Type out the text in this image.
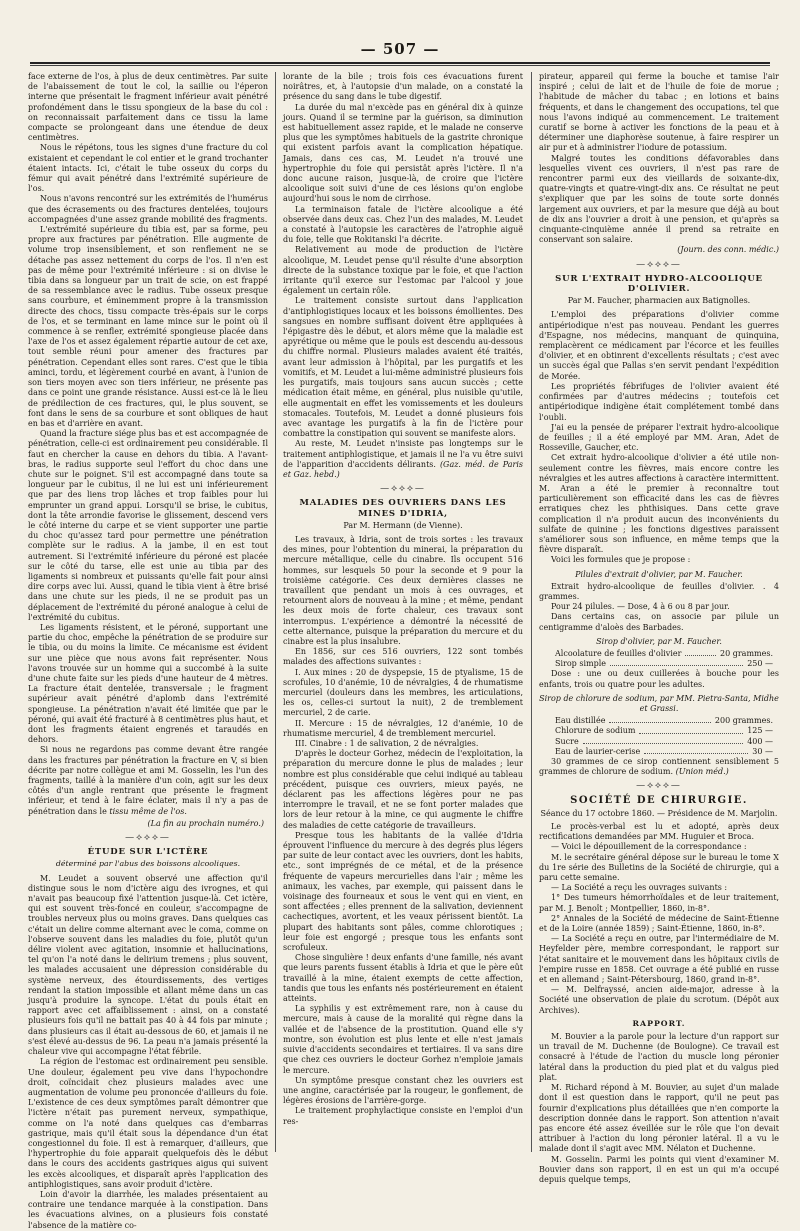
— 507 —

face externe de l'os, à plus de deux centimètres. Par suite de l'abaissement de tout le col, la saillie ou l'éperon interne que présentait le fragment inférieur avait pénétré profondément dans le tissu spongieux de la base du col : on reconnaissait parfaitement dans ce tissu la lame compacte se prolongeant dans une étendue de deux centimètres.

Nous le répétons, tous les signes d'une fracture du col existaient et cependant le col entier et le grand trochanter étaient intacts. Ici, c'était le tube osseux du corps du fémur qui avait pénétré dans l'extrémité supérieure de l'os.

Nous n'avons rencontré sur les extrémités de l'humérus que des écrasements ou des fractures dentelées, toujours accompagnées d'une assez grande mobilité des fragments.

L'extrémité supérieure du tibia est, par sa forme, peu propre aux fractures par pénétration. Elle augmente de volume trop insensiblement, et son renflement ne se détache pas assez nettement du corps de l'os. Il n'en est pas de même pour l'extrémité inférieure : si on divise le tibia dans sa longueur par un trait de scie, on est frappé de sa ressemblance avec le radius. Tube osseux presque sans courbure, et éminemment propre à la transmission directe des chocs, tissu compacte très-épais sur le corps de l'os, et se terminant en lame mince sur le point où il commence à se renfler, extrémité spongieuse placée dans l'axe de l'os et assez également répartie autour de cet axe, tout semble réuni pour amener des fractures par pénétration. Cependant elles sont rares. C'est que le tibia aminci, tordu, et légèrement courbé en avant, à l'union de son tiers moyen avec son tiers inférieur, ne présente pas dans ce point une grande résistance. Aussi est-ce là le lieu de prédilection de ces fractures, qui, le plus souvent, se font dans le sens de sa courbure et sont obliques de haut en bas et d'arrière en avant.

Quand la fracture siége plus bas et est accompagnée de pénétration, celle-ci est ordinairement peu considérable. Il faut en chercher la cause en dehors du tibia. A l'avant-bras, le radius supporte seul l'effort du choc dans une chute sur le poignet. S'il est accompagné dans toute sa longueur par le cubitus, il ne lui est uni inférieurement que par des liens trop lâches et trop faibles pour lui emprunter un grand appui. Lorsqu'il se brise, le cubitus, dont la tête arrondie favorise le glissement, descend vers le côté interne du carpe et se vient supporter une partie du choc qu'assez tard pour permettre une pénétration complète sur le radius. A la jambe, il en est tout autrement. Si l'extrémité inférieure du péroné est placée sur le côté du tarse, elle est unie au tibia par des ligaments si nombreux et puissants qu'elle fait pour ainsi dire corps avec lui. Aussi, quand le tibia vient à être brisé dans une chute sur les pieds, il ne se produit pas un déplacement de l'extrémité du péroné analogue à celui de l'extrémité du cubitus.

Les ligaments résistent, et le péroné, supportant une partie du choc, empêche la pénétration de se produire sur le tibia, ou du moins la limite. Ce mécanisme est évident sur une pièce que nous avons fait représenter. Nous l'avons trouvée sur un homme qui a succombé à la suite d'une chute faite sur les pieds d'une hauteur de 4 mètres. La fracture était dentelée, transversale ; le fragment supérieur avait pénétré d'aplomb dans l'extrémité spongieuse. La pénétration n'avait été limitée que par le péroné, qui avait été fracturé à 8 centimètres plus haut, et dont les fragments étaient engrenés et taraudés en dehors.

Si nous ne regardons pas comme devant être rangée dans les fractures par pénétration la fracture en V, si bien décrite par notre collègue et ami M. Gosselin, les l'un des fragments, taillé à la manière d'un coin, agit sur les deux côtés d'un angle rentrant que présente le fragment inférieur, et tend à le faire éclater, mais il n'y a pas de pénétration dans le tissu même de l'os.

(La fin au prochain numéro.)
—⟡⟡⟡—
ÉTUDE SUR L'ICTÈRE
déterminé par l'abus des boissons alcooliques.

M. Leudet a souvent observé une affection qu'il distingue sous le nom d'ictère aigu des ivrognes, et qui n'avait pas beaucoup fixé l'attention jusque-là. Cet ictère, qui est souvent très-foncé en couleur, s'accompagne de troubles nerveux plus ou moins graves. Dans quelques cas c'était un delire comme alternant avec le coma, comme on l'observe souvent dans les maladies du foie, plutôt qu'un délire violent avec agitation, insomnie et hallucinations, tel qu'on l'a noté dans le delirium tremens ; plus souvent, les malades accusaient une dépression considérable du système nerveux, des étourdissements, des vertiges rendant la station impossible et allant même dans un cas jusqu'à produire la syncope. L'état du pouls était en rapport avec cet affaiblissement : ainsi, on a constaté plusieurs fois qu'il ne battait pas 40 à 44 fois par minute ; dans plusieurs cas il était au-dessous de 60, et jamais il ne s'est élevé au-dessus de 96. La peau n'a jamais présenté la chaleur vive qui accompagne l'état fébrile.

La région de l'estomac est ordinairement peu sensible. Une douleur, également peu vive dans l'hypochondre droit, coïncidait chez plusieurs malades avec une augmentation de volume peu prononcée d'ailleurs du foie. L'existence de ces deux symptômes paraît démontrer que l'ictère n'était pas purement nerveux, sympathique, comme on l'a noté dans quelques cas d'embarras gastrique, mais qu'il était sous la dépendance d'un état congestionnel du foie. Il est à remarquer, d'ailleurs, que l'hypertrophie du foie apparait quelquefois dès le début dans le cours des accidents gastriques aigus qui suivent les excès alcooliques, et disparaît après l'application des antiphlogistiques, sans avoir produit d'ictère.

Loin d'avoir la diarrhée, les malades présentaient au contraire une tendance marquée à la constipation. Dans les évacuations alvines, on a plusieurs fois constaté l'absence de la matière co-

lorante de la bile ; trois fois ces évacuations furent noirâtres, et, à l'autopsie d'un malade, on a constaté la présence du sang dans le tube digestif.

La durée du mal n'excède pas en général dix à quinze jours. Quand il se termine par la guérison, sa diminution est habituellement assez rapide, et le malade ne conserve plus que les symptômes habituels de la gastrite chronique qui existent parfois avant la complication hépatique. Jamais, dans ces cas, M. Leudet n'a trouvé une hypertrophie du foie qui persistât après l'ictère. Il n'a donc aucune raison, jusque-là, de croire que l'ictère alcoolique soit suivi d'une de ces lésions qu'on englobe aujourd'hui sous le nom de cirrhose.

La terminaison fatale de l'ictère alcoolique a été observée dans deux cas. Chez l'un des malades, M. Leudet a constaté à l'autopsie les caractères de l'atrophie aiguë du foie, telle que Rokitanski l'a décrite.

Relativement au mode de production de l'ictère alcoolique, M. Leudet pense qu'il résulte d'une absorption directe de la substance toxique par le foie, et que l'action irritante qu'il exerce sur l'estomac par l'alcool y joue également un certain rôle.

Le traitement consiste surtout dans l'application d'antiphlogistiques locaux et les boissons émollientes. Des sangsues en nombre suffisant doivent être appliquées à l'épigastre dès le début, et alors même que la maladie est apyrétique ou même que le pouls est descendu au-dessous du chiffre normal. Plusieurs malades avaient été traités, avant leur admission à l'hôpital, par les purgatifs et les vomitifs, et M. Leudet a lui-même administré plusieurs fois les purgatifs, mais toujours sans aucun succès ; cette médication était même, en général, plus nuisible qu'utile, elle augmentait en effet les vomissements et les douleurs stomacales. Toutefois, M. Leudet a donné plusieurs fois avec avantage les purgatifs à la fin de l'ictère pour combattre la constipation qui souvent se manifeste alors.

Au reste, M. Leudet n'insiste pas longtemps sur le traitement antiphlogistique, et jamais il ne l'a vu être suivi de l'apparition d'accidents délirants. (Gaz. méd. de Paris et Gaz. hebd.)

—⟡⟡⟡—
MALADIES DES OUVRIERS DANS LES MINES D'IDRIA,
Par M. Hermann (de Vienne).

Les travaux, à Idria, sont de trois sortes : les travaux des mines, pour l'obtention du minerai, la préparation du mercure métallique, celle du cinabre. Ils occupent 516 hommes, sur lesquels 50 pour la seconde et 9 pour la troisième catégorie. Ces deux dernières classes ne travaillent que pendant un mois à ces ouvrages, et retournent alors de nouveau à la mine ; et même, pendant les deux mois de forte chaleur, ces travaux sont interrompus. L'expérience a démontré la nécessité de cette alternance, puisque la préparation du mercure et du cinabre est la plus insalubre.

En 1856, sur ces 516 ouvriers, 122 sont tombés malades des affections suivantes :

I. Aux mines : 20 de dyspepsie, 15 de ptyalisme, 15 de scrofules, 10 d'anémie, 10 de névralgies, 4 de rhumatisme mercuriel (douleurs dans les membres, les articulations, les os, celles-ci surtout la nuit), 2 de tremblement mercuriel, 2 de carie.

II. Mercure : 15 de névralgies, 12 d'anémie, 10 de rhumatisme mercuriel, 4 de tremblement mercuriel.

III. Cinabre : 1 de salivation, 2 de névralgies.

D'après le docteur Gorhez, médecin de l'exploitation, la préparation du mercure donne le plus de malades ; leur nombre est plus considérable que celui indiqué au tableau précédent, puisque ces ouvriers, mieux payés, ne déclarent pas les affections légères pour ne pas interrompre le travail, et ne se font porter malades que lors de leur retour à la mine, ce qui augmente le chiffre des maladies de cette catégorie de travailleurs.

Presque tous les habitants de la vallée d'Idria éprouvent l'influence du mercure à des degrés plus légers par suite de leur contact avec les ouvriers, dont les habits, etc., sont imprégnés de ce métal, et de la présence fréquente de vapeurs mercurielles dans l'air ; même les animaux, les vaches, par exemple, qui paissent dans le voisinage des fourneaux et sous le vent qui en vient, en sont affectées ; elles prennent de la salivation, deviennent cachectiques, avortent, et les veaux périssent bientôt. La plupart des habitants sont pâles, comme chlorotiques ; leur foie est engorgé ; presque tous les enfants sont scrofuleux.

Chose singulière ! deux enfants d'une famille, nés avant que leurs parents fussent établis à Idria et que le père eût travaillé à la mine, étaient exempts de cette affection, tandis que tous les enfants nés postérieurement en étaient atteints.

La syphilis y est extrêmement rare, non à cause du mercure, mais à cause de la moralité qui règne dans la vallée et de l'absence de la prostitution. Quand elle s'y montre, son évolution est plus lente et elle n'est jamais suivie d'accidents secondaires et tertiaires. Il va sans dire que chez ces ouvriers le docteur Gorhez n'emploie jamais le mercure.

Un symptôme presque constant chez les ouvriers est une angine, caractérisée par la rougeur, le gonflement, de légères érosions de l'arrière-gorge.

Le traitement prophylactique consiste en l'emploi d'un res-

pirateur, appareil qui ferme la bouche et tamise l'air inspiré ; celui de lait et de l'huile de foie de morue ; l'habitude de mâcher du tabac ; en lotions et bains fréquents, et dans le changement des occupations, tel que nous l'avons indiqué au commencement. Le traitement curatif se borne à activer les fonctions de la peau et à déterminer une diaphorèse soutenue, à faire respirer un air pur et à administrer l'iodure de potassium.

Malgré toutes les conditions défavorables dans lesquelles vivent ces ouvriers, il n'est pas rare de rencontrer parmi eux des vieillards de soixante-dix, quatre-vingts et quatre-vingt-dix ans. Ce résultat ne peut s'expliquer que par les soins de toute sorte donnés largement aux ouvriers, et par la mesure que déjà au bout de dix ans l'ouvrier a droit à une pension, et qu'après sa cinquante-cinquième année il prend sa retraite en conservant son salaire.

(Journ. des conn. médic.)
—⟡⟡⟡—
SUR L'EXTRAIT HYDRO-ALCOOLIQUE D'OLIVIER.
Par M. Faucher, pharmacien aux Batignolles.

L'emploi des préparations d'olivier comme antipériodique n'est pas nouveau. Pendant les guerres d'Espagne, nos médecins, manquant de quinquina, remplacèrent ce médicament par l'écorce et les feuilles d'olivier, et en obtinrent d'excellents résultats ; c'est avec un succès égal que Pallas s'en servit pendant l'expédition de Morée.

Les propriétés fébrifuges de l'olivier avaient été confirmées par d'autres médecins ; toutefois cet antipériodique indigène était complétement tombé dans l'oubli.

J'ai eu la pensée de préparer l'extrait hydro-alcoolique de feuilles ; il a été employé par MM. Aran, Adet de Rosseville, Gaucher, etc.

Cet extrait hydro-alcoolique d'olivier a été utile non-seulement contre les fièvres, mais encore contre les névralgies et les autres affections à caractère intermittent. M. Aran a été le premier à reconnaître tout particulièrement son efficacité dans les cas de fièvres erratiques chez les phthisiques. Dans cette grave complication il n'a produit aucun des inconvénients du sulfate de quinine ; les fonctions digestives paraissent s'améliorer sous son influence, en même temps que la fièvre disparaît.

Voici les formules que je propose :

Pilules d'extrait d'olivier, par M. Faucher.

Extrait hydro-alcoolique de feuilles d'olivier. . 4 grammes.

Pour 24 pilules. — Dose, 4 à 6 ou 8 par jour.

Dans certains cas, on associe par pilule un centigramme d'aloès des Barbades.

Sirop d'olivier, par M. Faucher.
Alcoolature de feuilles d'olivier	20 grammes.
Sirop simple	250 —

Dose : une ou deux cuillerées à bouche pour les enfants, trois ou quatre pour les adultes.

Sirop de chlorure de sodium, par MM. Pietra-Santa, Midhe et Grassi.
Eau distillée	200 grammes.
Chlorure de sodium	125 —
Sucre	400 —
Eau de laurier-cerise	30 —

30 grammes de ce sirop contiennent sensiblement 5 grammes de chlorure de sodium. (Union méd.)

—⟡⟡⟡—
SOCIÉTÉ DE CHIRURGIE.
Séance du 17 octobre 1860. — Présidence de M. Marjolin.

Le procès-verbal est lu et adopté, après deux rectifications demandées par MM. Huguier et Broca.

— Voici le dépouillement de la correspondance :

M. le secrétaire général dépose sur le bureau le tome X du 1re série des Bulletins de la Société de chirurgie, qui a paru cette semaine.

— La Société a reçu les ouvrages suivants :

1° Des tumeurs hémorrhoïdales et de leur traitement, par M. J. Benoît ; Montpellier, 1860, in-8°.

2° Annales de la Société de médecine de Saint-Étienne et de la Loire (année 1859) ; Saint-Étienne, 1860, in-8°.

— La Société a reçu en outre, par l'intermédiaire de M. Heyfelder père, membre correspondant, le rapport sur l'état sanitaire et le mouvement dans les hôpitaux civils de l'empire russe en 1858. Cet ouvrage a été publié en russe et en allemand ; Saint-Pétersbourg, 1860, grand in-8°.

— M. Delfrayssé, ancien aide-major, adresse à la Société une observation de plaie du scrotum. (Dépôt aux Archives).

RAPPORT.

M. Bouvier a la parole pour la lecture d'un rapport sur un travail de M. Duchenne (de Boulogne). Ce travail est consacré à l'étude de l'action du muscle long péronier latéral dans la production du pied plat et du valgus pied plat.

M. Richard répond à M. Bouvier, au sujet d'un malade dont il est question dans le rapport, qu'il ne peut pas fournir d'explications plus détaillées que n'en comporte la description donnée dans le rapport. Son attention n'avait pas encore été assez éveillée sur le rôle que l'on devait attribuer à l'action du long péronier latéral. Il a vu le malade dont il s'agit avec MM. Nélaton et Duchenne.

M. Gosselin. Parmi les points qui vient d'examiner M. Bouvier dans son rapport, il en est un qui m'a occupé depuis quelque temps,
